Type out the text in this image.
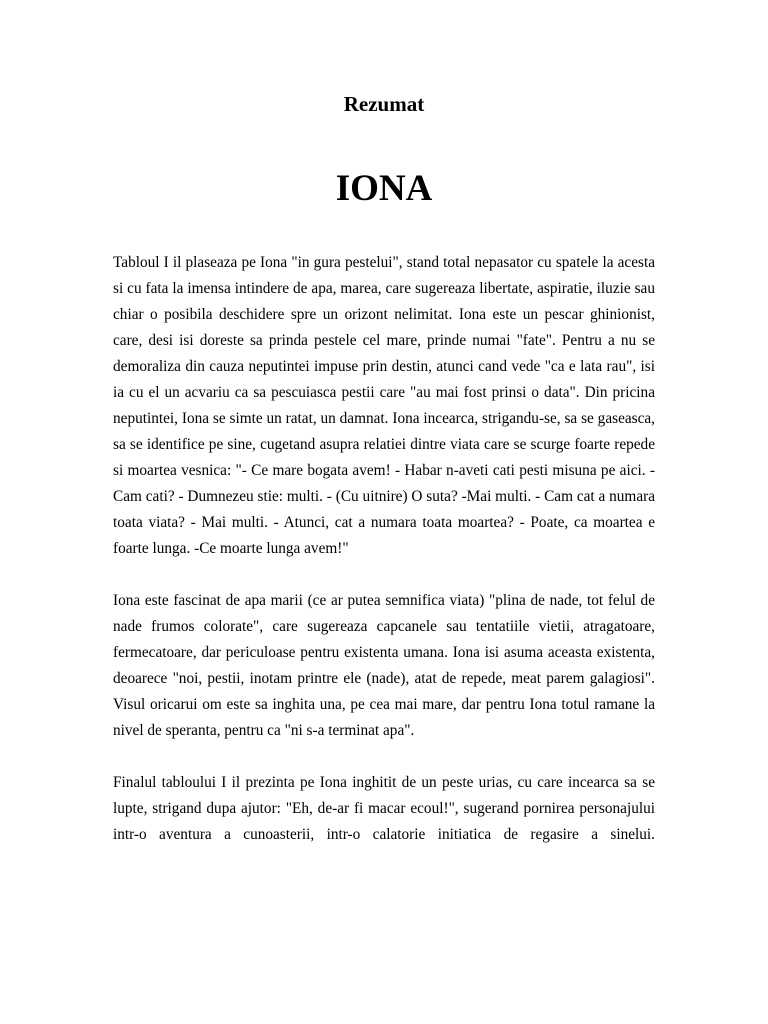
Rezumat
IONA

Tabloul I il plaseaza pe Iona "in gura pestelui", stand total nepasator cu spatele la acesta si cu fata la imensa intindere de apa, marea, care sugereaza libertate, aspiratie, iluzie sau chiar o posibila deschidere spre un orizont nelimitat. Iona este un pescar ghinionist, care, desi isi doreste sa prinda pestele cel mare, prinde numai "fate". Pentru a nu se demoraliza din cauza neputintei impuse prin destin, atunci cand vede "ca e lata rau", isi ia cu el un acvariu ca sa pescuiasca pestii care "au mai fost prinsi o data". Din pricina neputintei, Iona se simte un ratat, un damnat. Iona incearca, strigandu-se, sa se gaseasca, sa se identifice pe sine, cugetand asupra relatiei dintre viata care se scurge foarte repede si moartea vesnica: "- Ce mare bogata avem! - Habar n-aveti cati pesti misuna pe aici. - Cam cati? - Dumnezeu stie: multi. - (Cu uitnire) O suta? -Mai multi. - Cam cat a numara toata viata? - Mai multi. - Atunci, cat a numara toata moartea? - Poate, ca moartea e foarte lunga. -Ce moarte lunga avem!"

Iona este fascinat de apa marii (ce ar putea semnifica viata) "plina de nade, tot felul de nade frumos colorate", care sugereaza capcanele sau tentatiile vietii, atragatoare, fermecatoare, dar periculoase pentru existenta umana. Iona isi asuma aceasta existenta, deoarece "noi, pestii, inotam printre ele (nade), atat de repede, meat parem galagiosi". Visul oricarui om este sa inghita una, pe cea mai mare, dar pentru Iona totul ramane la nivel de speranta, pentru ca "ni s-a terminat apa".

Finalul tabloului I il prezinta pe Iona inghitit de un peste urias, cu care incearca sa se lupte, strigand dupa ajutor: "Eh, de-ar fi macar ecoul!", sugerand pornirea personajului intr-o aventura a cunoasterii, intr-o calatorie initiatica de regasire a sinelui.
